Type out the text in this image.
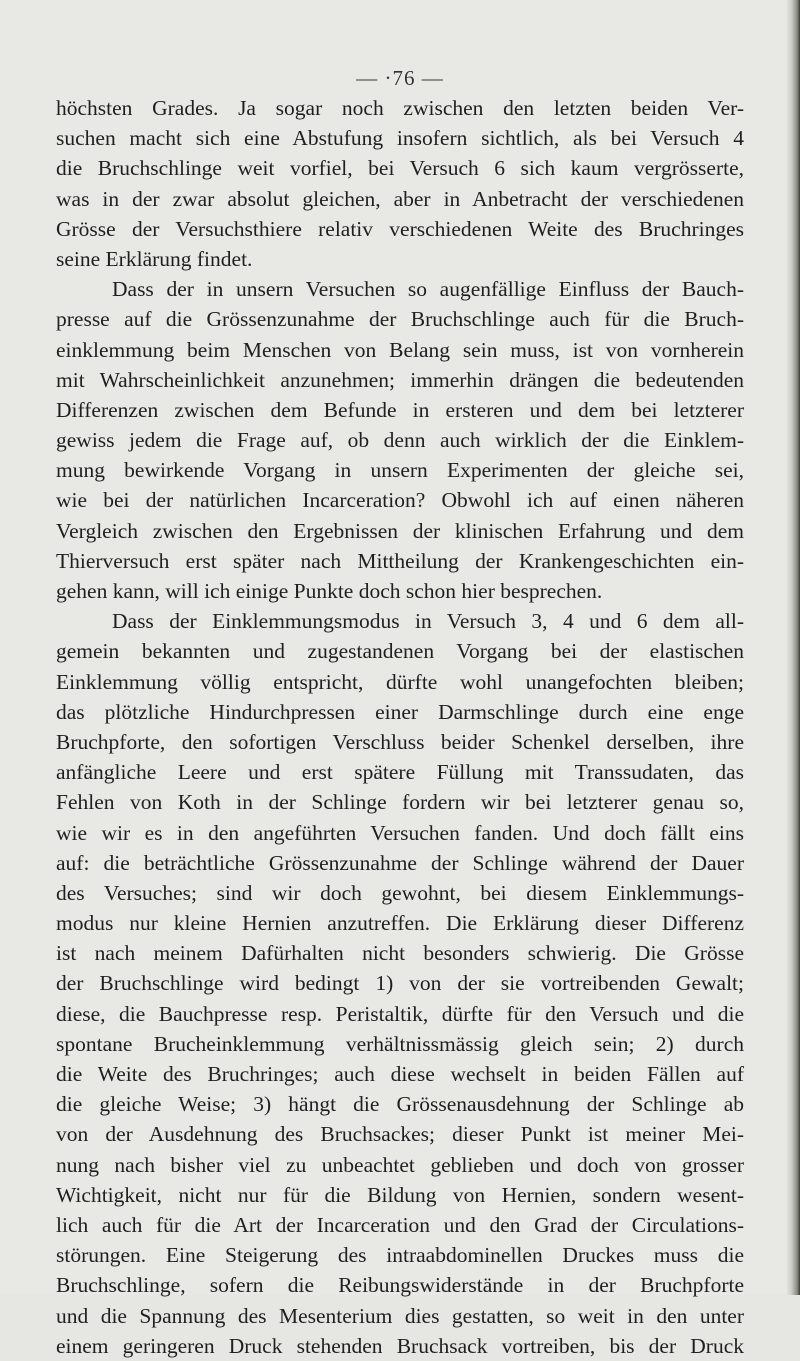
— ·76 —
höchsten Grades. Ja sogar noch zwischen den letzten beiden Ver-
suchen macht sich eine Abstufung insofern sichtlich, als bei Versuch 4
die Bruchschlinge weit vorfiel, bei Versuch 6 sich kaum vergrösserte,
was in der zwar absolut gleichen, aber in Anbetracht der verschiedenen
Grösse der Versuchsthiere relativ verschiedenen Weite des Bruchringes
seine Erklärung findet.
Dass der in unsern Versuchen so augenfällige Einfluss der Bauch-
presse auf die Grössenzunahme der Bruchschlinge auch für die Bruch-
einklemmung beim Menschen von Belang sein muss, ist von vornherein
mit Wahrscheinlichkeit anzunehmen; immerhin drängen die bedeutenden
Differenzen zwischen dem Befunde in ersteren und dem bei letzterer
gewiss jedem die Frage auf, ob denn auch wirklich der die Einklem-
mung bewirkende Vorgang in unsern Experimenten der gleiche sei,
wie bei der natürlichen Incarceration? Obwohl ich auf einen näheren
Vergleich zwischen den Ergebnissen der klinischen Erfahrung und dem
Thierversuch erst später nach Mittheilung der Krankengeschichten ein-
gehen kann, will ich einige Punkte doch schon hier besprechen.
Dass der Einklemmungsmodus in Versuch 3, 4 und 6 dem all-
gemein bekannten und zugestandenen Vorgang bei der elastischen
Einklemmung völlig entspricht, dürfte wohl unangefochten bleiben;
das plötzliche Hindurchpressen einer Darmschlinge durch eine enge
Bruchpforte, den sofortigen Verschluss beider Schenkel derselben, ihre
anfängliche Leere und erst spätere Füllung mit Transsudaten, das
Fehlen von Koth in der Schlinge fordern wir bei letzterer genau so,
wie wir es in den angeführten Versuchen fanden. Und doch fällt eins
auf: die beträchtliche Grössenzunahme der Schlinge während der Dauer
des Versuches; sind wir doch gewohnt, bei diesem Einklemmungs-
modus nur kleine Hernien anzutreffen. Die Erklärung dieser Differenz
ist nach meinem Dafürhalten nicht besonders schwierig. Die Grösse
der Bruchschlinge wird bedingt 1) von der sie vortreibenden Gewalt;
diese, die Bauchpresse resp. Peristaltik, dürfte für den Versuch und die
spontane Brucheinklemmung verhältnissmässig gleich sein; 2) durch
die Weite des Bruchringes; auch diese wechselt in beiden Fällen auf
die gleiche Weise; 3) hängt die Grössenausdehnung der Schlinge ab
von der Ausdehnung des Bruchsackes; dieser Punkt ist meiner Mei-
nung nach bisher viel zu unbeachtet geblieben und doch von grosser
Wichtigkeit, nicht nur für die Bildung von Hernien, sondern wesent-
lich auch für die Art der Incarceration und den Grad der Circulations-
störungen. Eine Steigerung des intraabdominellen Druckes muss die
Bruchschlinge, sofern die Reibungswiderstände in der Bruchpforte
und die Spannung des Mesenterium dies gestatten, so weit in den unter
einem geringeren Druck stehenden Bruchsack vortreiben, bis der Druck
